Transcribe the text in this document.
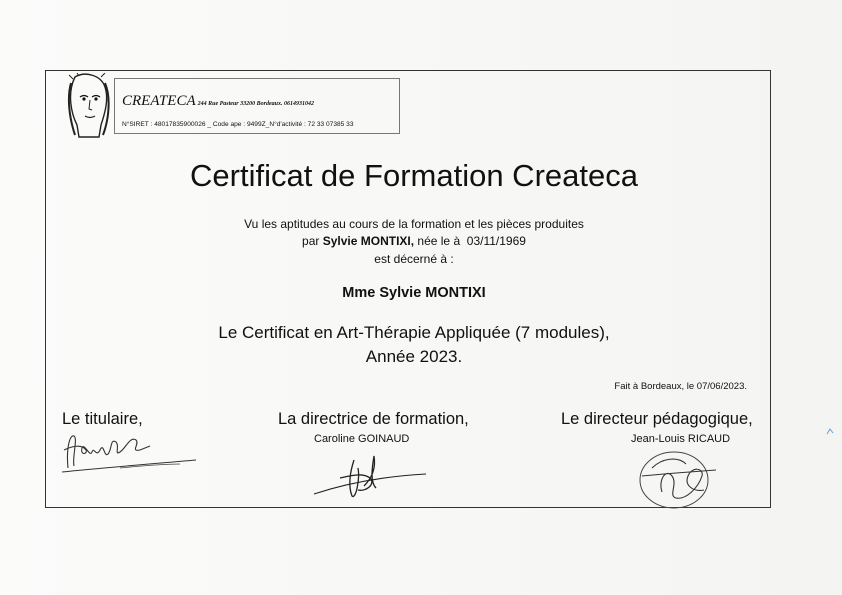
CREATECA 244 Rue Pasteur 33200 Bordeaux. 0614931042
N°SIRET : 48017835900026 _ Code ape : 9499Z_N°d'activité : 72 33 07385 33
Certificat de Formation Createca
Vu les aptitudes au cours de la formation et les pièces produites
par Sylvie MONTIXI, née le à  03/11/1969
est décerné à :
Mme Sylvie MONTIXI
Le Certificat en Art-Thérapie Appliquée (7 modules),
Année 2023.
Fait à Bordeaux, le 07/06/2023.
Le titulaire,	La directrice de formation,	Le directeur pédagogique,
Caroline GOINAUD	Jean-Louis RICAUD
